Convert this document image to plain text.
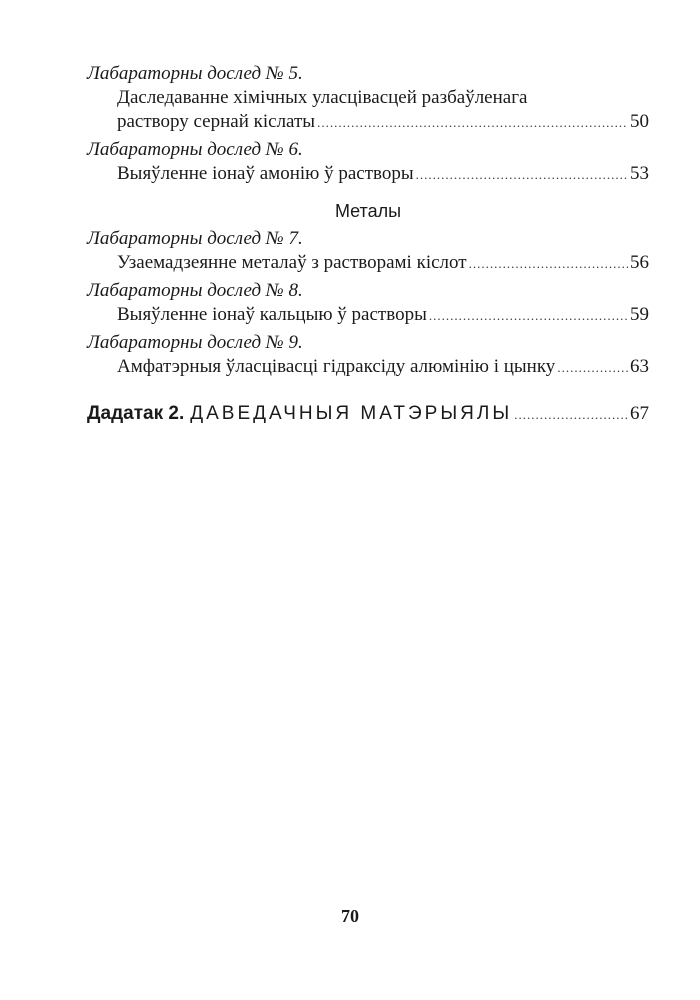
Лабараторны дослед № 5.

Даследаванне хімічных уласцівасцей разбаўленага
раствору сернай кіслаты .....	50

Лабараторны дослед № 6.

Выяўленне іонаў амонію ў растворы .....	53
Металы

Лабараторны дослед № 7.

Узаемадзеянне металаў з растворамі кіслот .....	56

Лабараторны дослед № 8.

Выяўленне іонаў кальцыю ў растворы .....	59

Лабараторны дослед № 9.

Амфатэрныя ўласцівасці гідраксіду алюмінію і цынку .....	63
Дадатак 2. ДАВЕДАЧНЫЯ МАТЭРЫЯЛЫ .....	67
70
